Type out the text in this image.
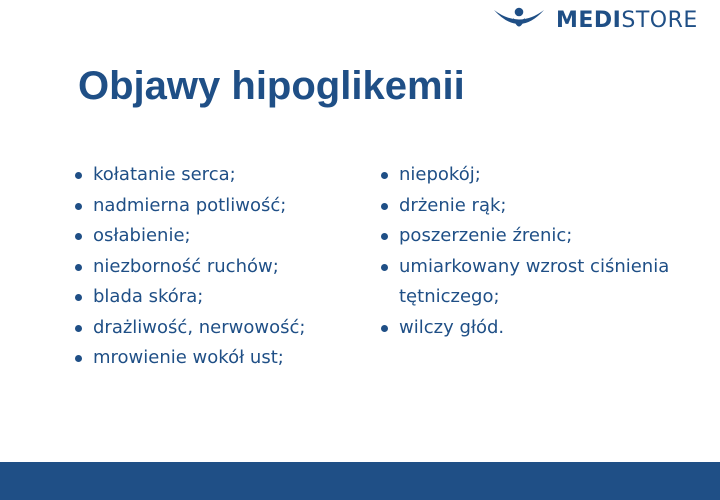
MEDISTORE
Objawy hipoglikemii
kołatanie serca;
nadmierna potliwość;
osłabienie;
niezborność ruchów;
blada skóra;
drażliwość, nerwowość;
mrowienie wokół ust;
niepokój;
drżenie rąk;
poszerzenie źrenic;
umiarkowany wzrost ciśnienia tętniczego;
wilczy głód.
